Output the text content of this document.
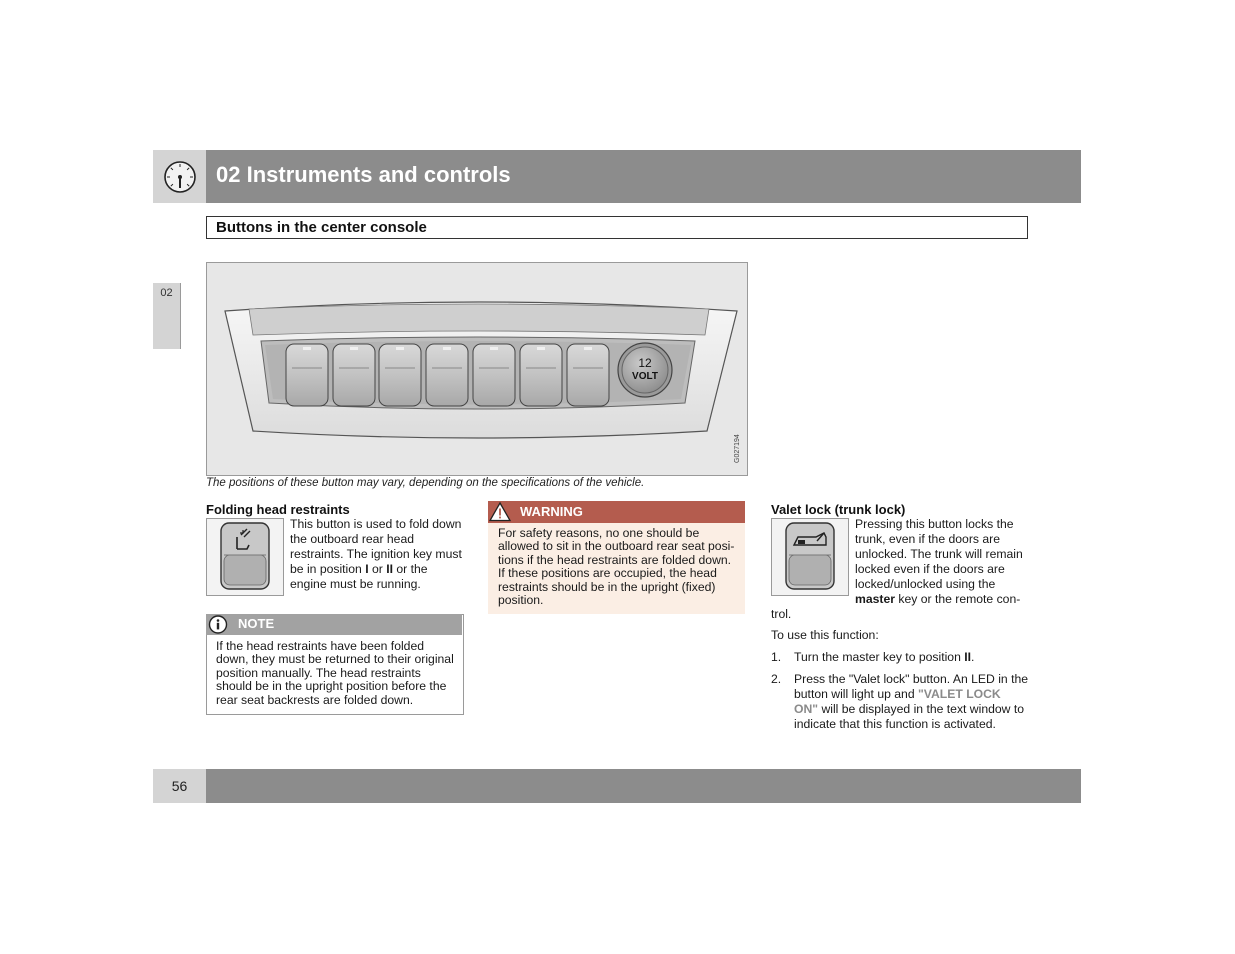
02 Instruments and controls
Buttons in the center console
02
12
VOLT
G027194
The positions of these button may vary, depending on the specifications of the vehicle.
Folding head restraints
This button is used to fold down
the outboard rear head
restraints. The ignition key must
be in position I or II or the
engine must be running.
NOTE
If the head restraints have been folded
down, they must be returned to their original
position manually. The head restraints
should be in the upright position before the
rear seat backrests are folded down.
WARNING
For safety reasons, no one should be
allowed to sit in the outboard rear seat posi-
tions if the head restraints are folded down.
If these positions are occupied, the head
restraints should be in the upright (fixed)
position.
Valet lock (trunk lock)
Pressing this button locks the
trunk, even if the doors are
unlocked. The trunk will remain
locked even if the doors are
locked/unlocked using the
master key or the remote con-
trol.
To use this function:
1. Turn the master key to position II.
2. Press the "Valet lock" button. An LED in the
button will light up and "VALET LOCK
ON" will be displayed in the text window to
indicate that this function is activated.
56
